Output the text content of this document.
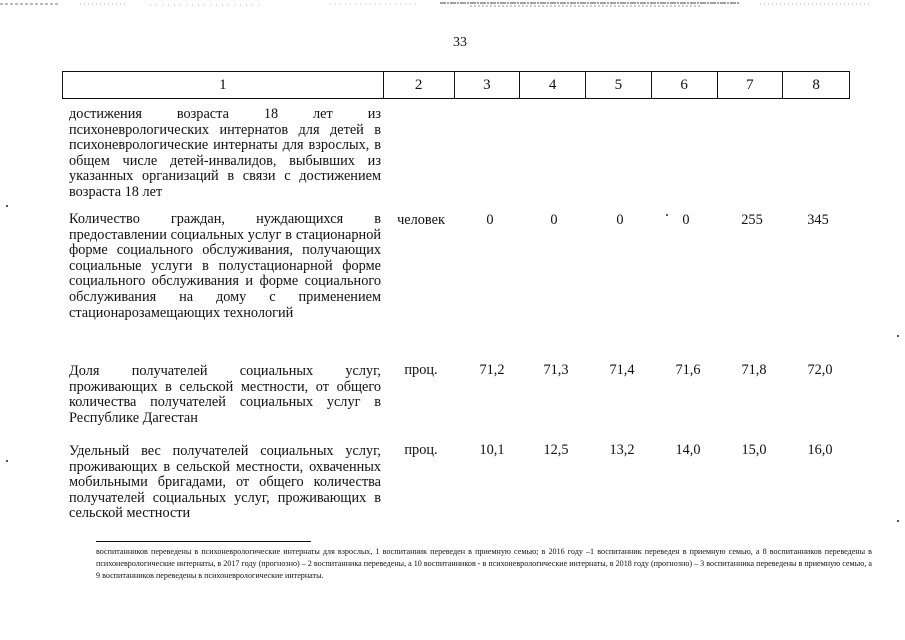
33
1	2	3	4	5	6	7	8
достижения возраста 18 лет из психоневрологических интернатов для детей в психоневрологические интернаты для взрослых, в общем числе детей-инвалидов, выбывших из указанных организаций в связи с достижением возраста 18 лет
Количество граждан, нуждающихся в предоставлении социальных услуг в стационарной форме социального обслуживания, получающих социальные услуги в полустационарной форме социального обслуживания и форме социального обслуживания на дому с применением стационарозамещающих технологий
человек	0	0	0	0	255	345
Доля получателей социальных услуг, проживающих в сельской местности, от общего количества получателей социальных услуг в Республике Дагестан
проц.	71,2	71,3	71,4	71,6	71,8	72,0
Удельный вес получателей социальных услуг, проживающих в сельской местности, охваченных мобильными бригадами, от общего количества получателей социальных услуг, проживающих в сельской местности
проц.	10,1	12,5	13,2	14,0	15,0	16,0
воспитанников переведены в психоневрологические интернаты для взрослых, 1 воспитанник переведен в приемную семью; в 2016 году –1 воспитанник переведен в приемную семью, а 8 воспитанников переведены в психоневрологические интернаты, в 2017 году (прогнозно) – 2 воспитанника переведены, а 10 воспитанников - в психоневрологические интернаты, в 2018 году (прогнозно) – 3 воспитанника переведены в приемную семью, а 9 воспитанников переведены в психоневрологические интернаты.
